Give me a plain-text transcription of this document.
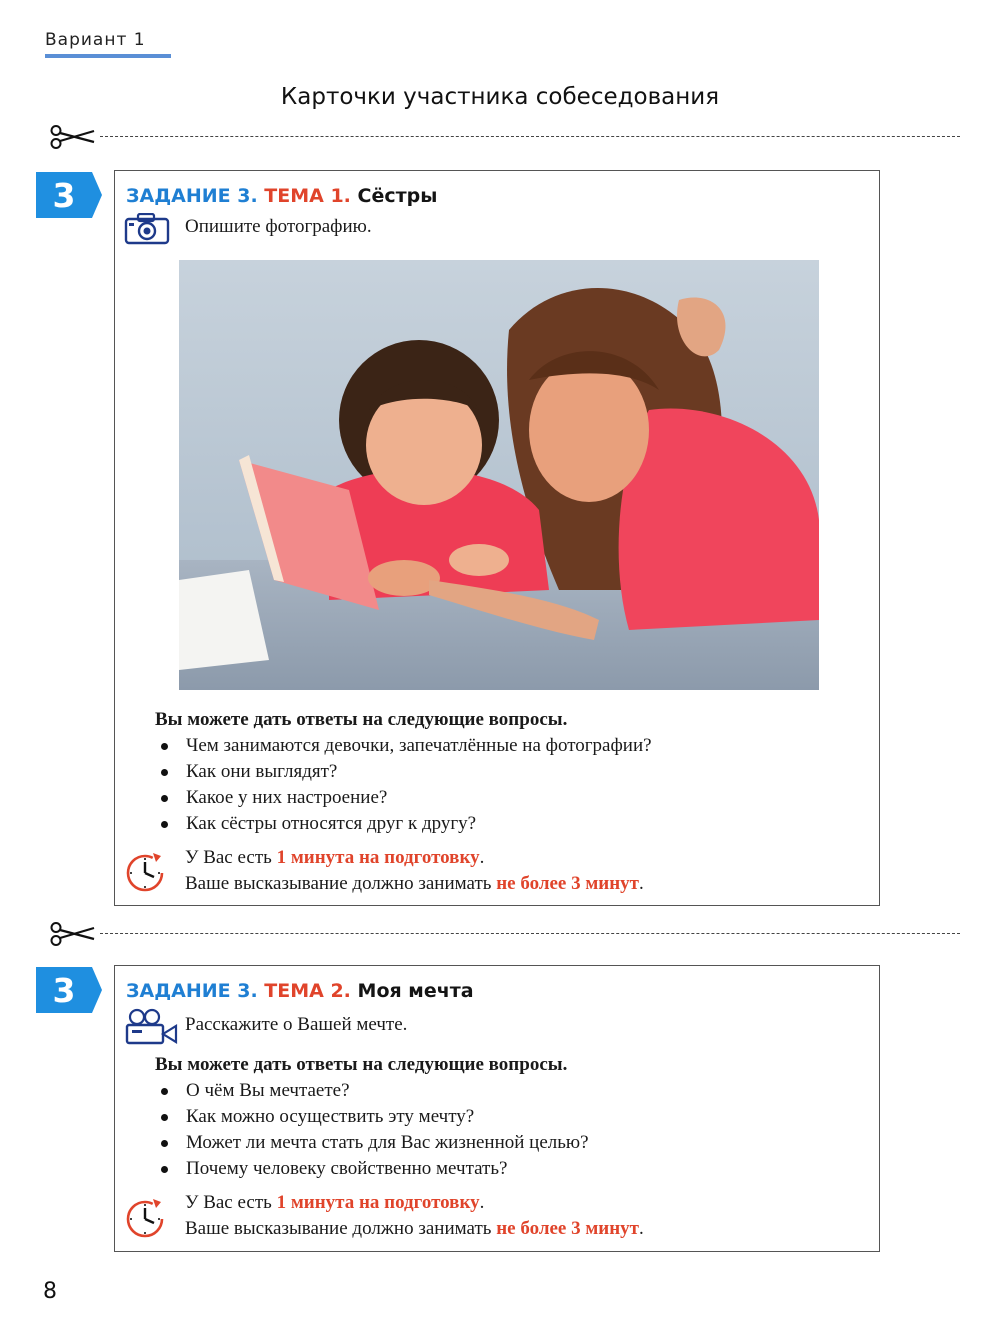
Вариант 1
Карточки участника собеседования
3	ЗАДАНИЕ 3. ТЕМА 1. Сёстры
Опишите фотографию.
Вы можете дать ответы на следующие вопросы.
Чем занимаются девочки, запечатлённые на фотографии?
Как они выглядят?
Какое у них настроение?
Как сёстры относятся друг к другу?
У Вас есть 1 минута на подготовку.
Ваше высказывание должно занимать не более 3 минут.
3	ЗАДАНИЕ 3. ТЕМА 2. Моя мечта
Расскажите о Вашей мечте.
Вы можете дать ответы на следующие вопросы.
О чём Вы мечтаете?
Как можно осуществить эту мечту?
Может ли мечта стать для Вас жизненной целью?
Почему человеку свойственно мечтать?
У Вас есть 1 минута на подготовку.
Ваше высказывание должно занимать не более 3 минут.
8
